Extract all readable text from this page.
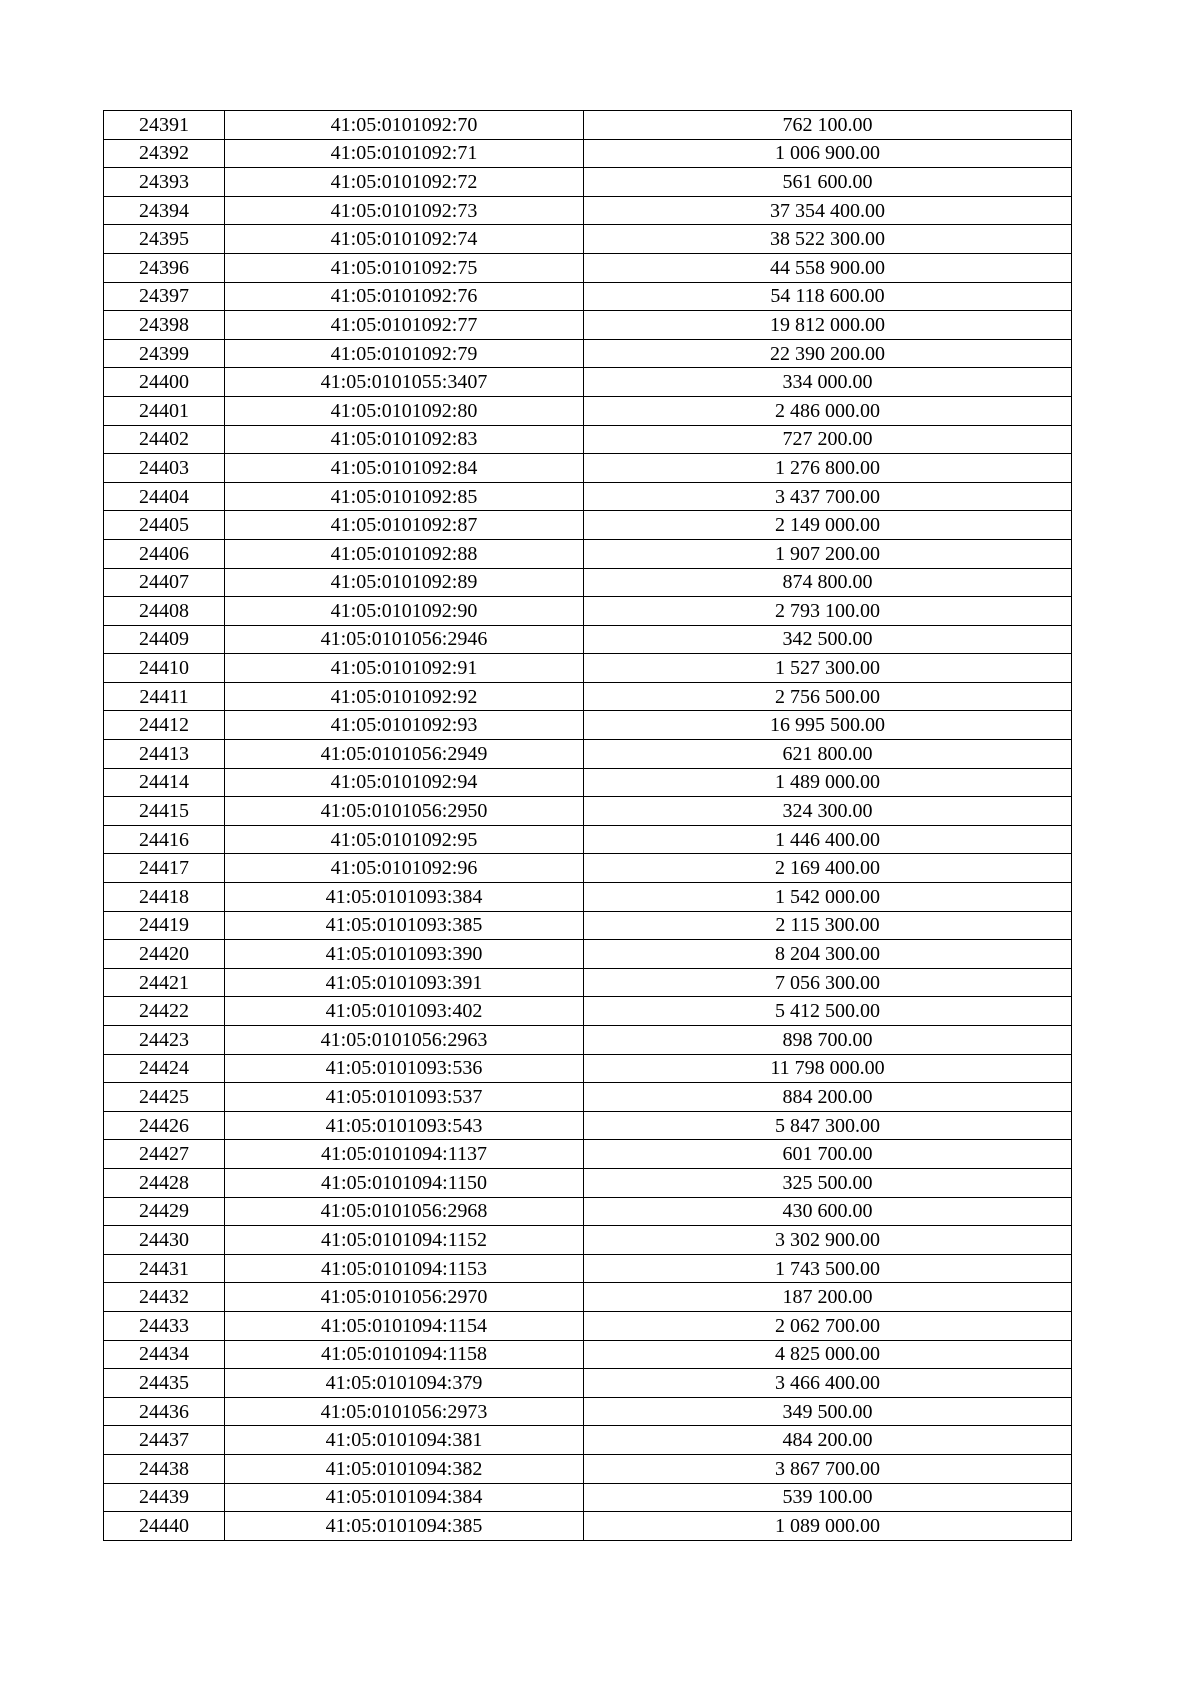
24391	41:05:0101092:70	762 100.00
24392	41:05:0101092:71	1 006 900.00
24393	41:05:0101092:72	561 600.00
24394	41:05:0101092:73	37 354 400.00
24395	41:05:0101092:74	38 522 300.00
24396	41:05:0101092:75	44 558 900.00
24397	41:05:0101092:76	54 118 600.00
24398	41:05:0101092:77	19 812 000.00
24399	41:05:0101092:79	22 390 200.00
24400	41:05:0101055:3407	334 000.00
24401	41:05:0101092:80	2 486 000.00
24402	41:05:0101092:83	727 200.00
24403	41:05:0101092:84	1 276 800.00
24404	41:05:0101092:85	3 437 700.00
24405	41:05:0101092:87	2 149 000.00
24406	41:05:0101092:88	1 907 200.00
24407	41:05:0101092:89	874 800.00
24408	41:05:0101092:90	2 793 100.00
24409	41:05:0101056:2946	342 500.00
24410	41:05:0101092:91	1 527 300.00
24411	41:05:0101092:92	2 756 500.00
24412	41:05:0101092:93	16 995 500.00
24413	41:05:0101056:2949	621 800.00
24414	41:05:0101092:94	1 489 000.00
24415	41:05:0101056:2950	324 300.00
24416	41:05:0101092:95	1 446 400.00
24417	41:05:0101092:96	2 169 400.00
24418	41:05:0101093:384	1 542 000.00
24419	41:05:0101093:385	2 115 300.00
24420	41:05:0101093:390	8 204 300.00
24421	41:05:0101093:391	7 056 300.00
24422	41:05:0101093:402	5 412 500.00
24423	41:05:0101056:2963	898 700.00
24424	41:05:0101093:536	11 798 000.00
24425	41:05:0101093:537	884 200.00
24426	41:05:0101093:543	5 847 300.00
24427	41:05:0101094:1137	601 700.00
24428	41:05:0101094:1150	325 500.00
24429	41:05:0101056:2968	430 600.00
24430	41:05:0101094:1152	3 302 900.00
24431	41:05:0101094:1153	1 743 500.00
24432	41:05:0101056:2970	187 200.00
24433	41:05:0101094:1154	2 062 700.00
24434	41:05:0101094:1158	4 825 000.00
24435	41:05:0101094:379	3 466 400.00
24436	41:05:0101056:2973	349 500.00
24437	41:05:0101094:381	484 200.00
24438	41:05:0101094:382	3 867 700.00
24439	41:05:0101094:384	539 100.00
24440	41:05:0101094:385	1 089 000.00
